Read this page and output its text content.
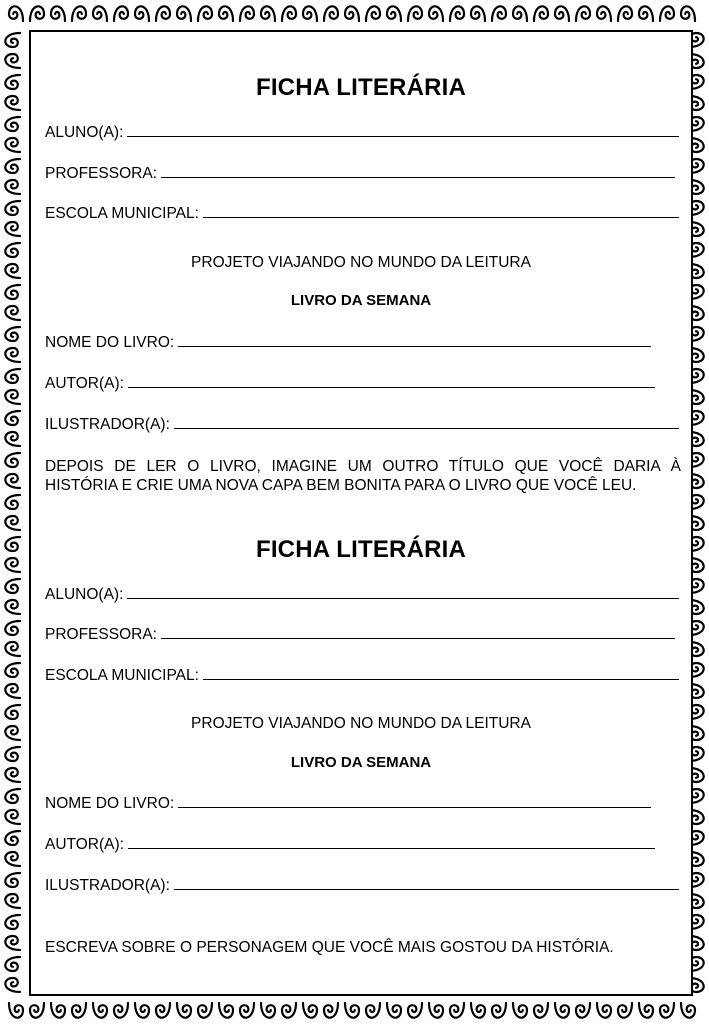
FICHA LITERÁRIA
ALUNO(A):
PROFESSORA:
ESCOLA MUNICIPAL:
PROJETO VIAJANDO NO MUNDO DA LEITURA
LIVRO DA SEMANA
NOME DO LIVRO:
AUTOR(A):
ILUSTRADOR(A):
DEPOIS DE LER O LIVRO, IMAGINE UM OUTRO TÍTULO QUE VOCÊ DARIA À HISTÓRIA E CRIE UMA NOVA CAPA BEM BONITA PARA O LIVRO QUE VOCÊ LEU.
FICHA LITERÁRIA
ALUNO(A):
PROFESSORA:
ESCOLA MUNICIPAL:
PROJETO VIAJANDO NO MUNDO DA LEITURA
LIVRO DA SEMANA
NOME DO LIVRO:
AUTOR(A):
ILUSTRADOR(A):
ESCREVA SOBRE O PERSONAGEM QUE VOCÊ MAIS GOSTOU DA HISTÓRIA.
